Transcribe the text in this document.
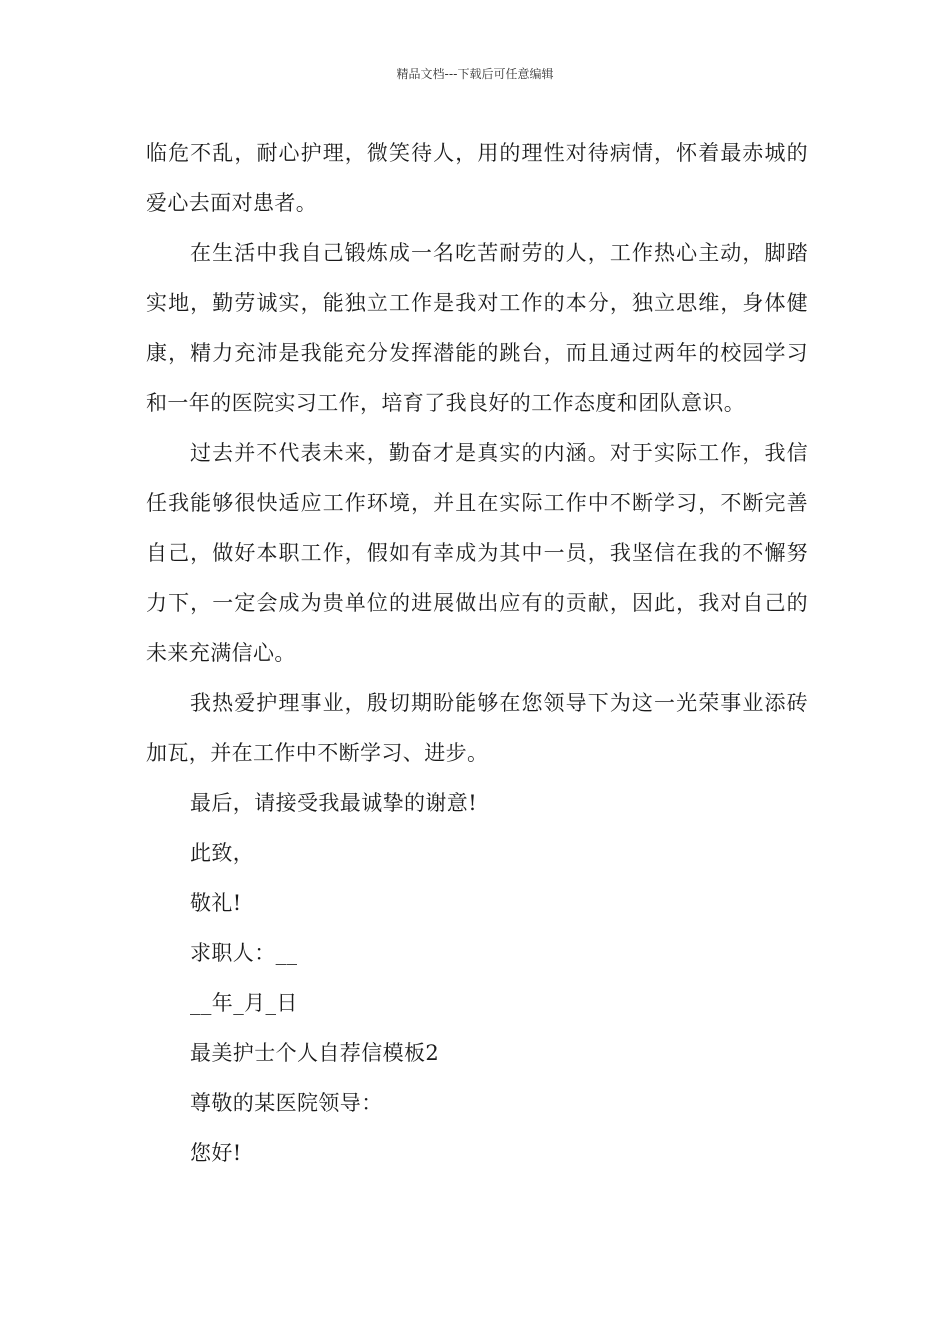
精品文档---下载后可任意编辑

临危不乱，耐心护理，微笑待人，用的理性对待病情，怀着最赤城的爱心去面对患者。

在生活中我自己锻炼成一名吃苦耐劳的人，工作热心主动，脚踏实地，勤劳诚实，能独立工作是我对工作的本分，独立思维，身体健康，精力充沛是我能充分发挥潜能的跳台，而且通过两年的校园学习和一年的医院实习工作，培育了我良好的工作态度和团队意识。

过去并不代表未来，勤奋才是真实的内涵。对于实际工作，我信任我能够很快适应工作环境，并且在实际工作中不断学习，不断完善自己，做好本职工作，假如有幸成为其中一员，我坚信在我的不懈努力下，一定会成为贵单位的进展做出应有的贡献，因此，我对自己的未来充满信心。

我热爱护理事业，殷切期盼能够在您领导下为这一光荣事业添砖加瓦，并在工作中不断学习、进步。

最后，请接受我最诚挚的谢意!

此致，

敬礼!

求职人：__

__年_月_日

最美护士个人自荐信模板2

尊敬的某医院领导：

您好!
